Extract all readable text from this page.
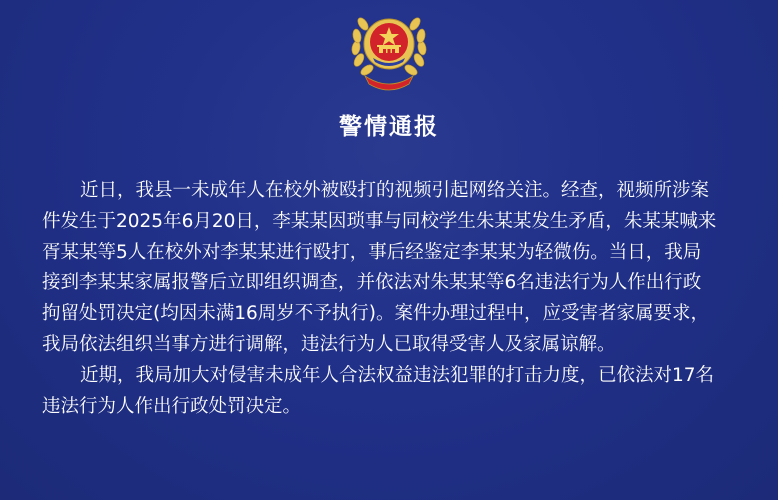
警情通报
近日，我县一未成年人在校外被殴打的视频引起网络关注。经查，视频所涉案
件发生于2025年6月20日，李某某因琐事与同校学生朱某某发生矛盾，朱某某喊来
胥某某等5人在校外对李某某进行殴打，事后经鉴定李某某为轻微伤。当日，我局
接到李某某家属报警后立即组织调查，并依法对朱某某等6名违法行为人作出行政
拘留处罚决定(均因未满16周岁不予执行)。案件办理过程中，应受害者家属要求，
我局依法组织当事方进行调解，违法行为人已取得受害人及家属谅解。
近期，我局加大对侵害未成年人合法权益违法犯罪的打击力度，已依法对17名
违法行为人作出行政处罚决定。
